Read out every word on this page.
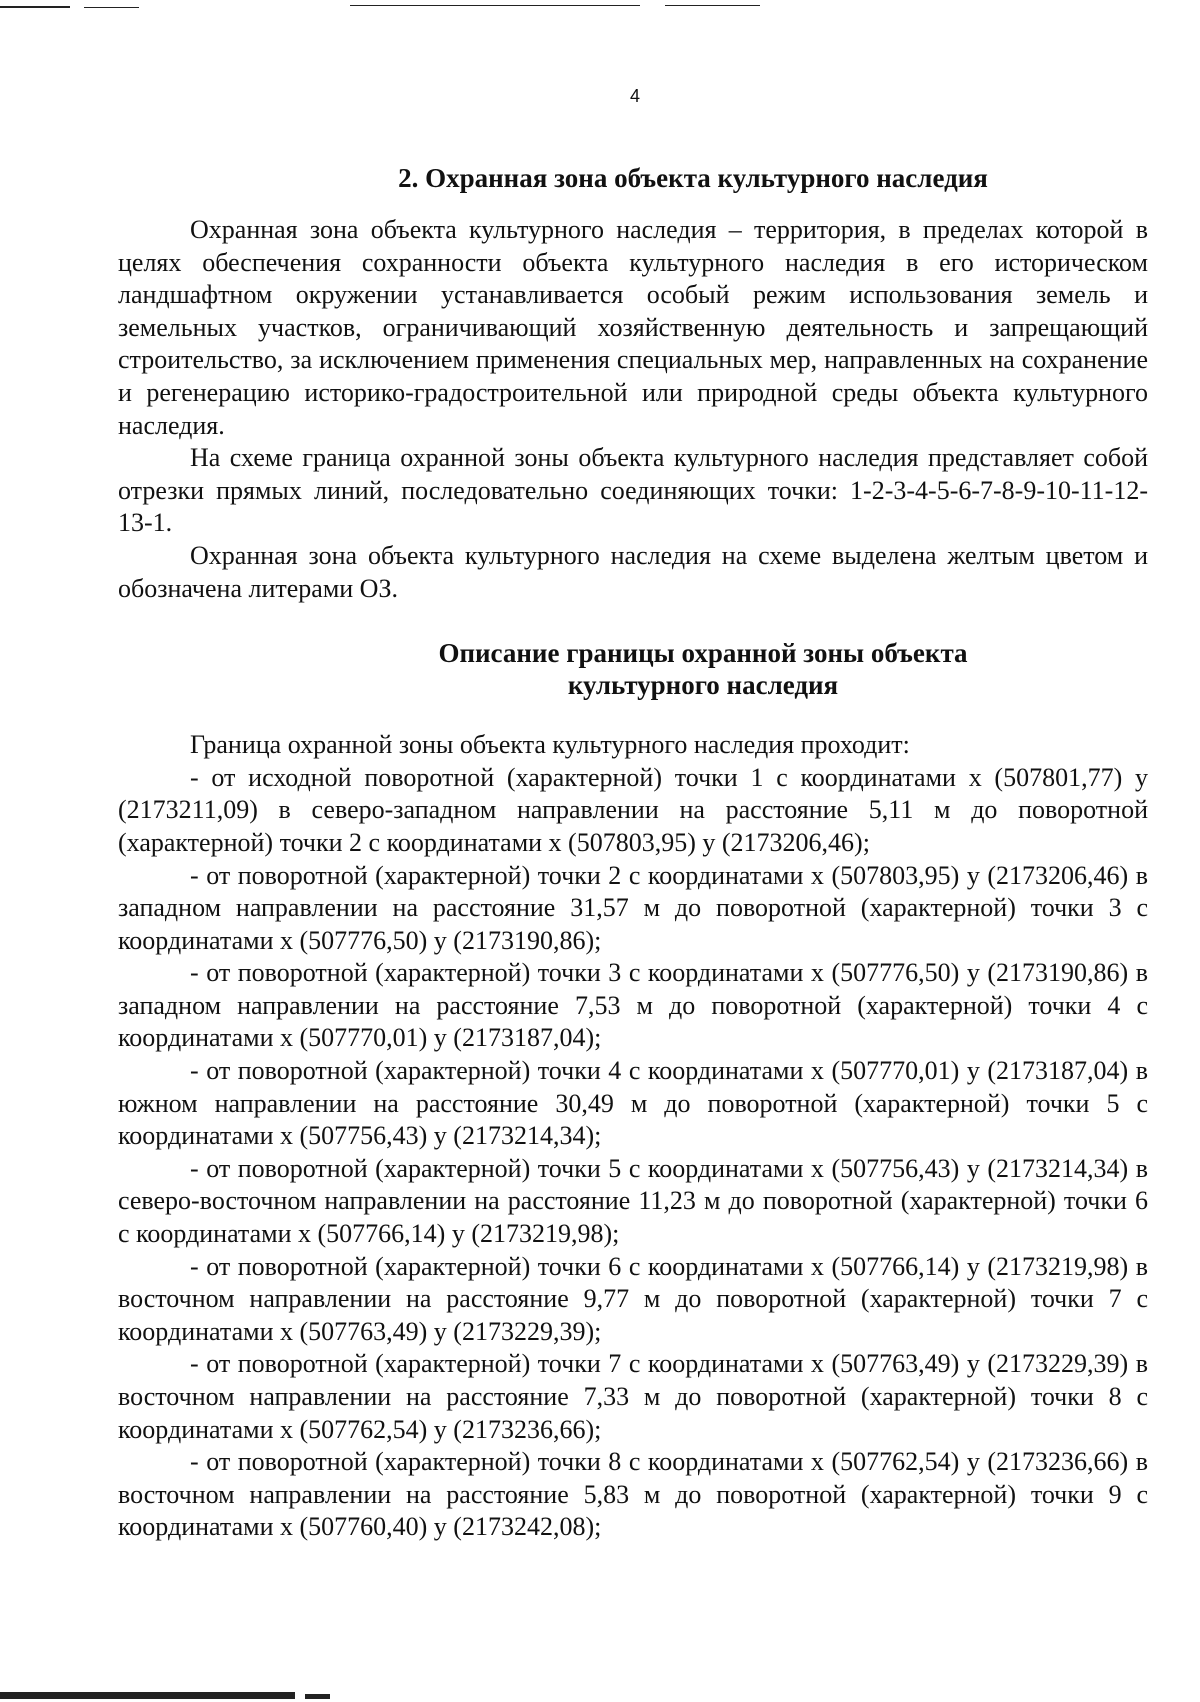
4
2. Охранная зона объекта культурного наследия

Охранная зона объекта культурного наследия – территория, в пределах которой в целях обеспечения сохранности объекта культурного наследия в его историческом ландшафтном окружении устанавливается особый режим использования земель и земельных участков, ограничивающий хозяйственную деятельность и запрещающий строительство, за исключением применения специальных мер, направленных на сохранение и регенерацию историко-градостроительной или природной среды объекта культурного наследия.

На схеме граница охранной зоны объекта культурного наследия представляет собой отрезки прямых линий, последовательно соединяющих точки: 1-2-3-4-5-6-7-8-9-10-11-12-13-1.

Охранная зона объекта культурного наследия на схеме выделена желтым цветом и обозначена литерами ОЗ.

Описание границы охранной зоны объекта
культурного наследия

Граница охранной зоны объекта культурного наследия проходит:

- от исходной поворотной (характерной) точки 1 с координатами х (507801,77) у (2173211,09) в северо-западном направлении на расстояние 5,11 м до поворотной (характерной) точки 2 с координатами х (507803,95) у (2173206,46);

- от поворотной (характерной) точки 2 с координатами х (507803,95) у (2173206,46) в западном направлении на расстояние 31,57 м до поворотной (характерной) точки 3 с координатами х (507776,50) у (2173190,86);

- от поворотной (характерной) точки 3 с координатами х (507776,50) у (2173190,86) в западном направлении на расстояние 7,53 м до поворотной (характерной) точки 4 с координатами х (507770,01) у (2173187,04);

- от поворотной (характерной) точки 4 с координатами х (507770,01) у (2173187,04) в южном направлении на расстояние 30,49 м до поворотной (характерной) точки 5 с координатами х (507756,43) у (2173214,34);

- от поворотной (характерной) точки 5 с координатами х (507756,43) у (2173214,34) в северо-восточном направлении на расстояние 11,23 м до поворотной (характерной) точки 6 с координатами х (507766,14) у (2173219,98);

- от поворотной (характерной) точки 6 с координатами х (507766,14) у (2173219,98) в восточном направлении на расстояние 9,77 м до поворотной (характерной) точки 7 с координатами х (507763,49) у (2173229,39);

- от поворотной (характерной) точки 7 с координатами х (507763,49) у (2173229,39) в восточном направлении на расстояние 7,33 м до поворотной (характерной) точки 8 с координатами х (507762,54) у (2173236,66);

- от поворотной (характерной) точки 8 с координатами х (507762,54) у (2173236,66) в восточном направлении на расстояние 5,83 м до поворотной (характерной) точки 9 с координатами х (507760,40) у (2173242,08);
